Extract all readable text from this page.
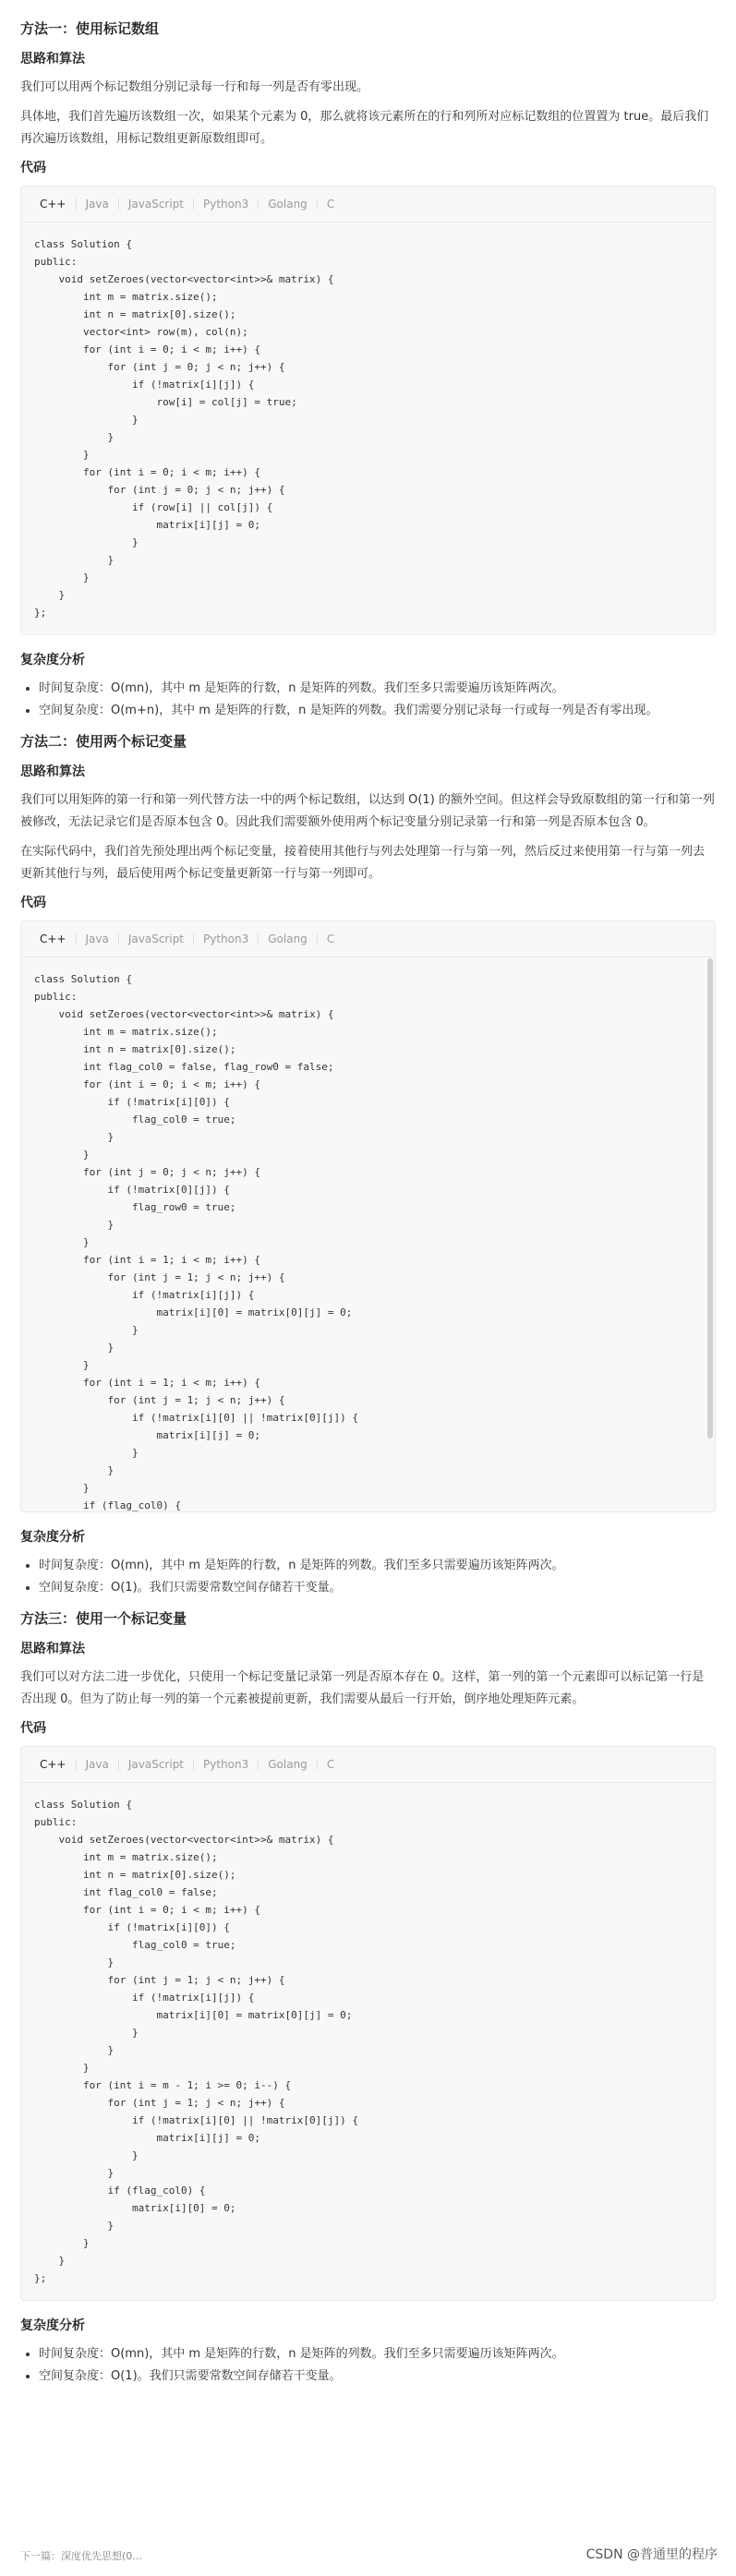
方法一：使用标记数组
思路和算法

我们可以用两个标记数组分别记录每一行和每一列是否有零出现。

具体地，我们首先遍历该数组一次，如果某个元素为 0，那么就将该元素所在的行和列所对应标记数组的位置置为 true。最后我们再次遍历该数组，用标记数组更新原数组即可。

代码
C++	Java	JavaScript	Python3	Golang	C
class Solution {
public:
void setZeroes(vector<vector<int>>& matrix) {
int m = matrix.size();
int n = matrix[0].size();
vector<int> row(m), col(n);
for (int i = 0; i < m; i++) {
for (int j = 0; j < n; j++) {
if (!matrix[i][j]) {
row[i] = col[j] = true;
}
}
}
for (int i = 0; i < m; i++) {
for (int j = 0; j < n; j++) {
if (row[i] || col[j]) {
matrix[i][j] = 0;
}
}
}
}
};
复杂度分析
• 时间复杂度：O(mn)，其中 m 是矩阵的行数，n 是矩阵的列数。我们至多只需要遍历该矩阵两次。
• 空间复杂度：O(m+n)，其中 m 是矩阵的行数，n 是矩阵的列数。我们需要分别记录每一行或每一列是否有零出现。
方法二：使用两个标记变量
思路和算法

我们可以用矩阵的第一行和第一列代替方法一中的两个标记数组，以达到 O(1) 的额外空间。但这样会导致原数组的第一行和第一列被修改，无法记录它们是否原本包含 0。因此我们需要额外使用两个标记变量分别记录第一行和第一列是否原本包含 0。

在实际代码中，我们首先预处理出两个标记变量，接着使用其他行与列去处理第一行与第一列，然后反过来使用第一行与第一列去更新其他行与列，最后使用两个标记变量更新第一行与第一列即可。

代码
C++	Java	JavaScript	Python3	Golang	C
class Solution {
public:
void setZeroes(vector<vector<int>>& matrix) {
int m = matrix.size();
int n = matrix[0].size();
int flag_col0 = false, flag_row0 = false;
for (int i = 0; i < m; i++) {
if (!matrix[i][0]) {
flag_col0 = true;
}
}
for (int j = 0; j < n; j++) {
if (!matrix[0][j]) {
flag_row0 = true;
}
}
for (int i = 1; i < m; i++) {
for (int j = 1; j < n; j++) {
if (!matrix[i][j]) {
matrix[i][0] = matrix[0][j] = 0;
}
}
}
for (int i = 1; i < m; i++) {
for (int j = 1; j < n; j++) {
if (!matrix[i][0] || !matrix[0][j]) {
matrix[i][j] = 0;
}
}
}
if (flag_col0) {
复杂度分析
• 时间复杂度：O(mn)，其中 m 是矩阵的行数，n 是矩阵的列数。我们至多只需要遍历该矩阵两次。
• 空间复杂度：O(1)。我们只需要常数空间存储若干变量。
方法三：使用一个标记变量
思路和算法

我们可以对方法二进一步优化，只使用一个标记变量记录第一列是否原本存在 0。这样，第一列的第一个元素即可以标记第一行是否出现 0。但为了防止每一列的第一个元素被提前更新，我们需要从最后一行开始，倒序地处理矩阵元素。

代码
C++	Java	JavaScript	Python3	Golang	C
class Solution {
public:
void setZeroes(vector<vector<int>>& matrix) {
int m = matrix.size();
int n = matrix[0].size();
int flag_col0 = false;
for (int i = 0; i < m; i++) {
if (!matrix[i][0]) {
flag_col0 = true;
}
for (int j = 1; j < n; j++) {
if (!matrix[i][j]) {
matrix[i][0] = matrix[0][j] = 0;
}
}
}
for (int i = m - 1; i >= 0; i--) {
for (int j = 1; j < n; j++) {
if (!matrix[i][0] || !matrix[0][j]) {
matrix[i][j] = 0;
}
}
if (flag_col0) {
matrix[i][0] = 0;
}
}
}
};
复杂度分析
• 时间复杂度：O(mn)，其中 m 是矩阵的行数，n 是矩阵的列数。我们至多只需要遍历该矩阵两次。
• 空间复杂度：O(1)。我们只需要常数空间存储若干变量。
下一篇：深度优先思想(0...	CSDN @普通里的程序
